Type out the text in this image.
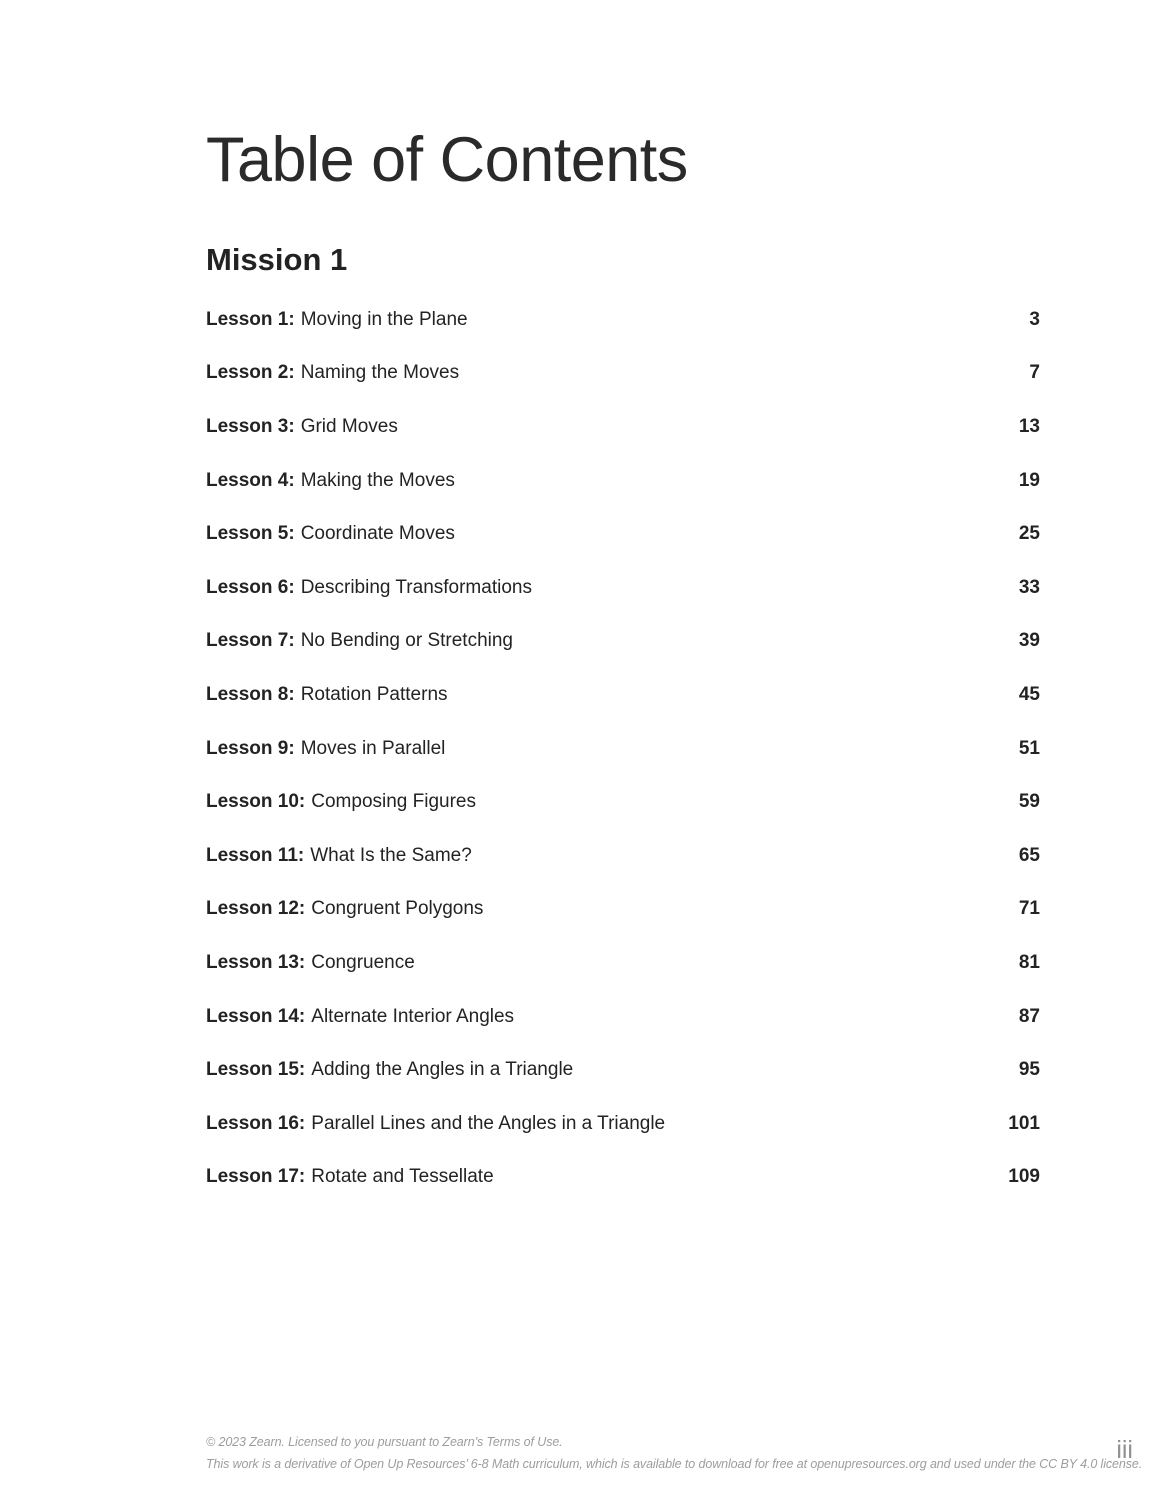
Table of Contents
Mission 1
Lesson 1: Moving in the Plane	3
Lesson 2: Naming the Moves	7
Lesson 3: Grid Moves	13
Lesson 4: Making the Moves	19
Lesson 5: Coordinate Moves	25
Lesson 6: Describing Transformations	33
Lesson 7: No Bending or Stretching	39
Lesson 8: Rotation Patterns	45
Lesson 9: Moves in Parallel	51
Lesson 10: Composing Figures	59
Lesson 11: What Is the Same?	65
Lesson 12: Congruent Polygons	71
Lesson 13: Congruence	81
Lesson 14: Alternate Interior Angles	87
Lesson 15: Adding the Angles in a Triangle	95
Lesson 16: Parallel Lines and the Angles in a Triangle	101
Lesson 17: Rotate and Tessellate	109

© 2023 Zearn. Licensed to you pursuant to Zearn’s Terms of Use.

This work is a derivative of Open Up Resources’ 6-8 Math curriculum, which is available to download for free at openupresources.org and used under the CC BY 4.0 license.

iii
